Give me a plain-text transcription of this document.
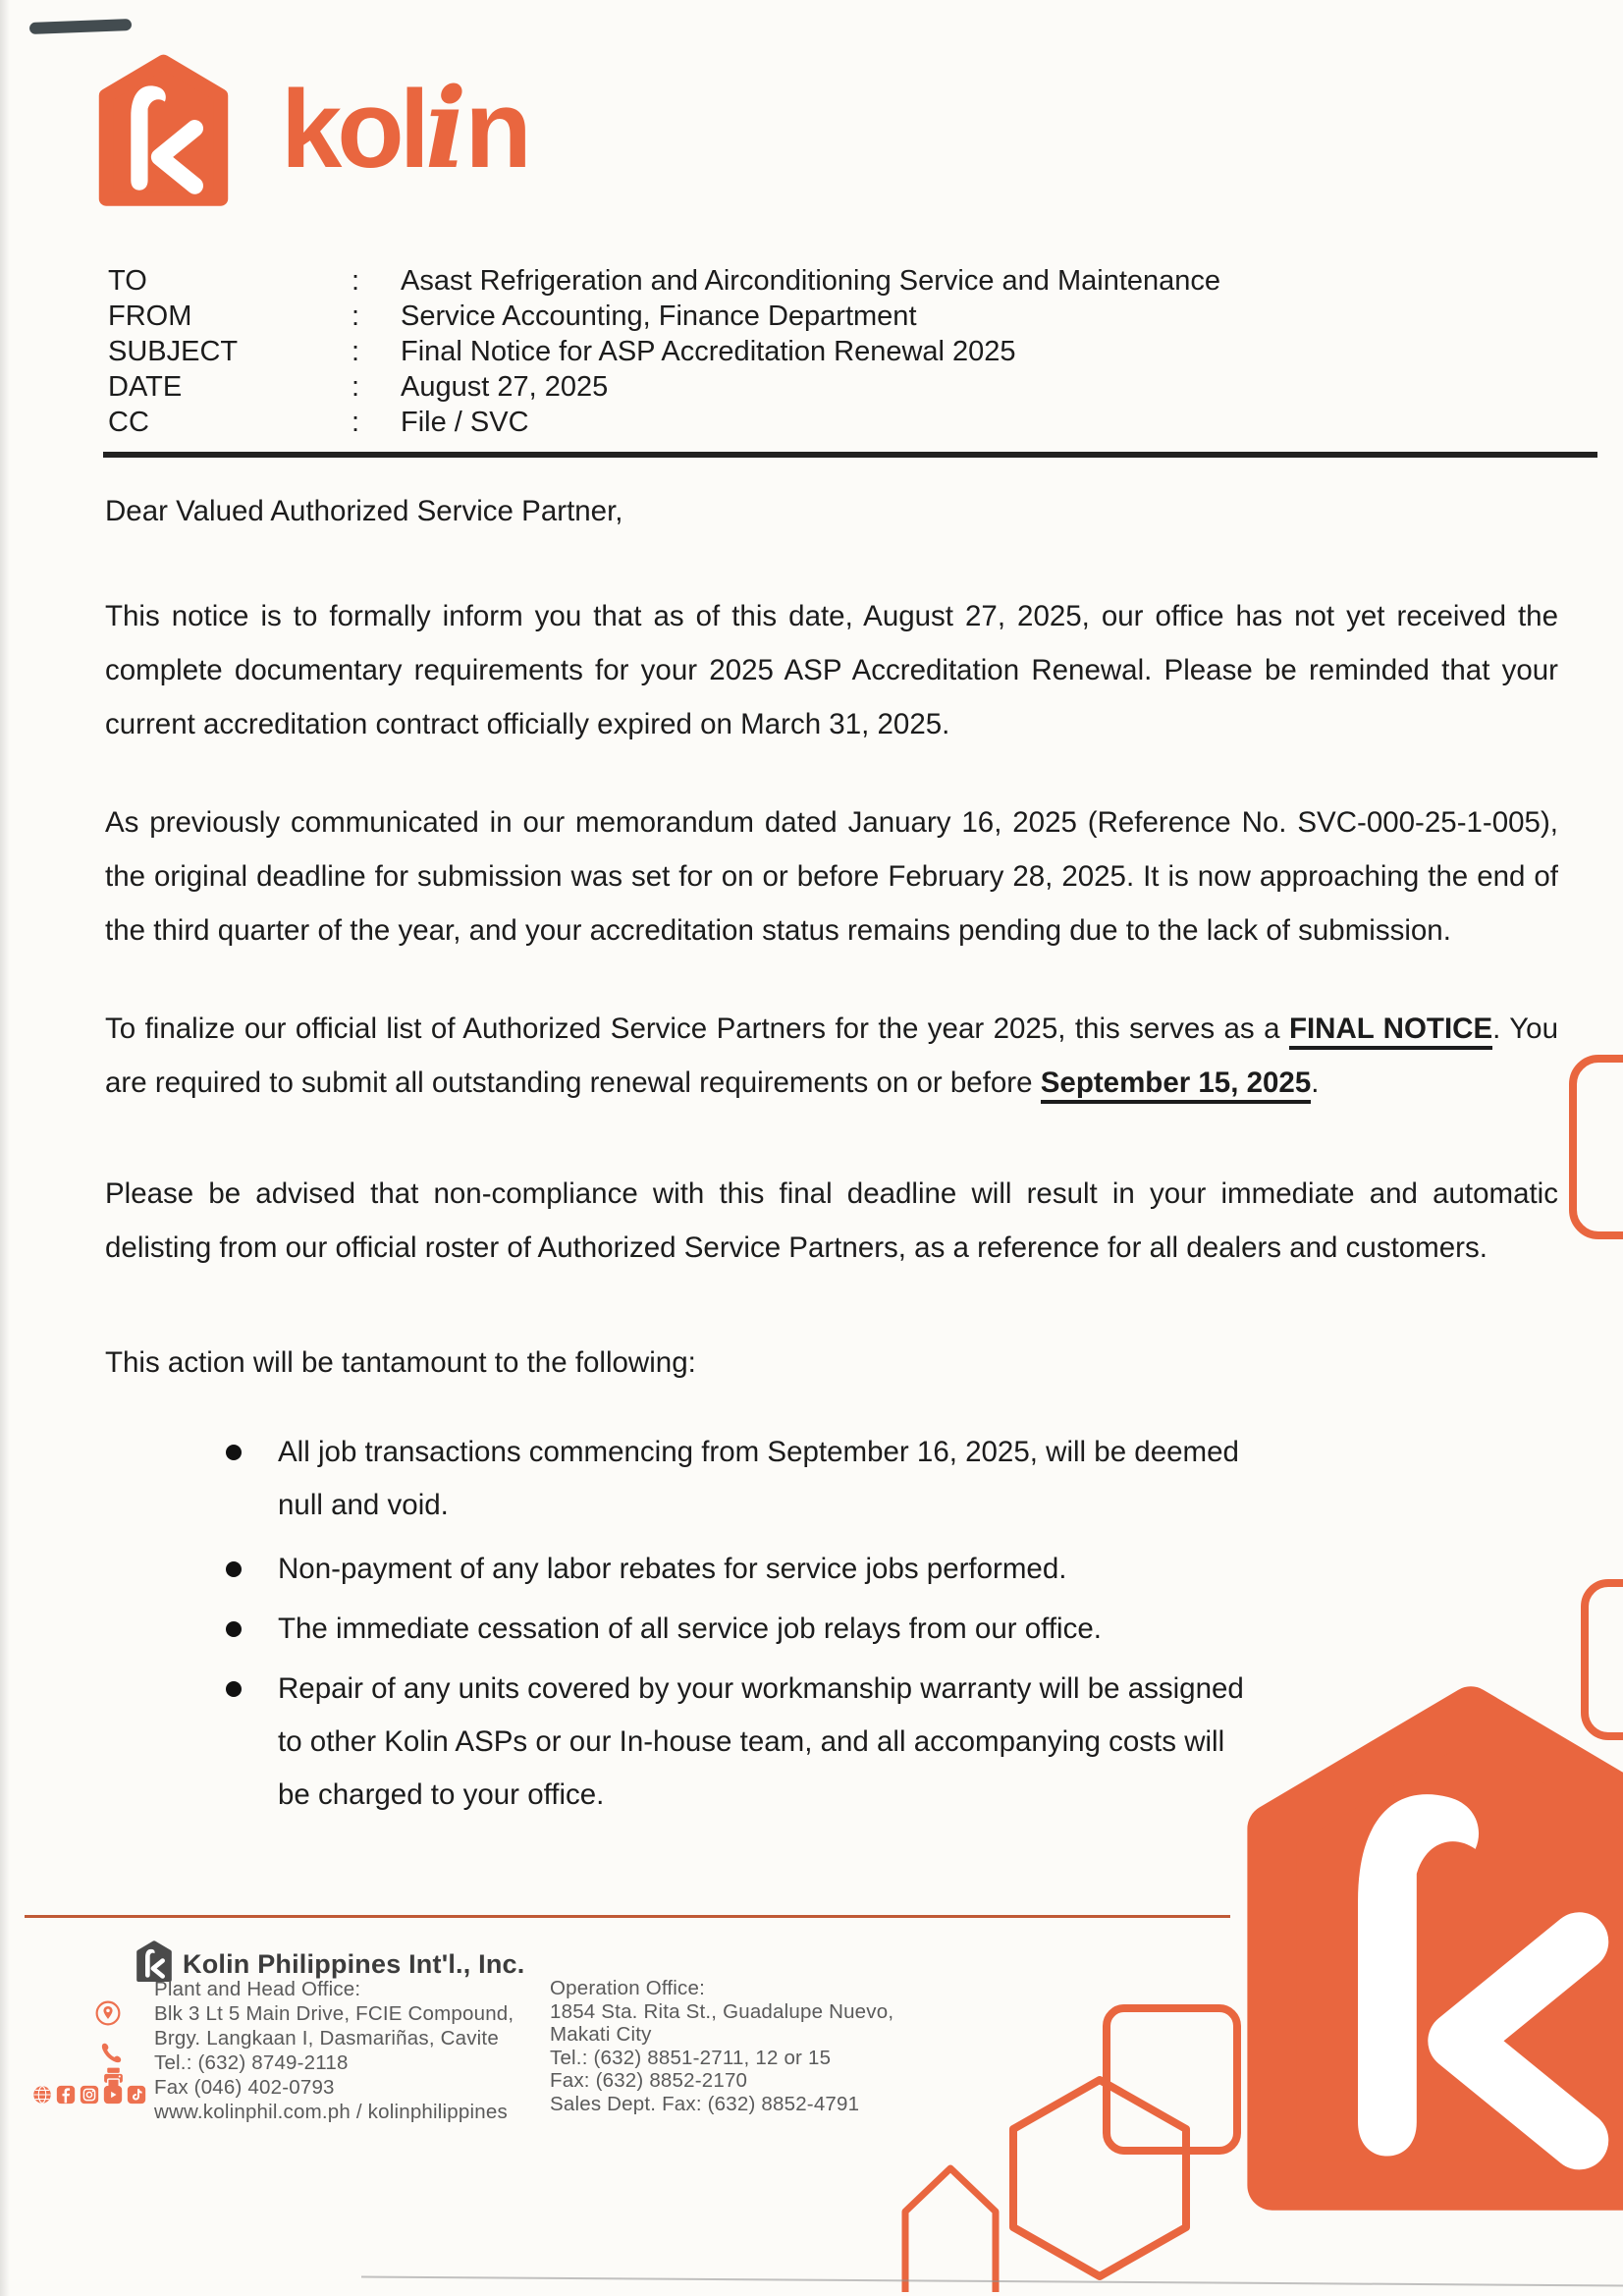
kolin
TO	:	Asast Refrigeration and Airconditioning Service and Maintenance
FROM	:	Service Accounting, Finance Department
SUBJECT	:	Final Notice for ASP Accreditation Renewal 2025
DATE	:	August 27, 2025
CC	:	File / SVC
Dear Valued Authorized Service Partner,
This notice is to formally inform you that as of this date, August 27, 2025, our office has not yet received the complete documentary requirements for your 2025 ASP Accreditation Renewal. Please be reminded that your current accreditation contract officially expired on March 31, 2025.
As previously communicated in our memorandum dated January 16, 2025 (Reference No. SVC-000-25-1-005), the original deadline for submission was set for on or before February 28, 2025. It is now approaching the end of the third quarter of the year, and your accreditation status remains pending due to the lack of submission.
To finalize our official list of Authorized Service Partners for the year 2025, this serves as a FINAL NOTICE. You are required to submit all outstanding renewal requirements on or before September 15, 2025.
Please be advised that non-compliance with this final deadline will result in your immediate and automatic delisting from our official roster of Authorized Service Partners, as a reference for all dealers and customers.
This action will be tantamount to the following:
All job transactions commencing from September 16, 2025, will be deemed null and void.
Non-payment of any labor rebates for service jobs performed.
The immediate cessation of all service job relays from our office.
Repair of any units covered by your workmanship warranty will be assigned to other Kolin ASPs or our In-house team, and all accompanying costs will be charged to your office.
Kolin Philippines Int'l., Inc.
Plant and Head Office:
Blk 3 Lt 5 Main Drive, FCIE Compound,
Brgy. Langkaan I, Dasmariñas, Cavite
Tel.: (632) 8749-2118
Fax (046) 402-0793
www.kolinphil.com.ph / kolinphilippines
Operation Office:
1854 Sta. Rita St., Guadalupe Nuevo,
Makati City
Tel.: (632) 8851-2711, 12 or 15
Fax: (632) 8852-2170
Sales Dept. Fax: (632) 8852-4791
